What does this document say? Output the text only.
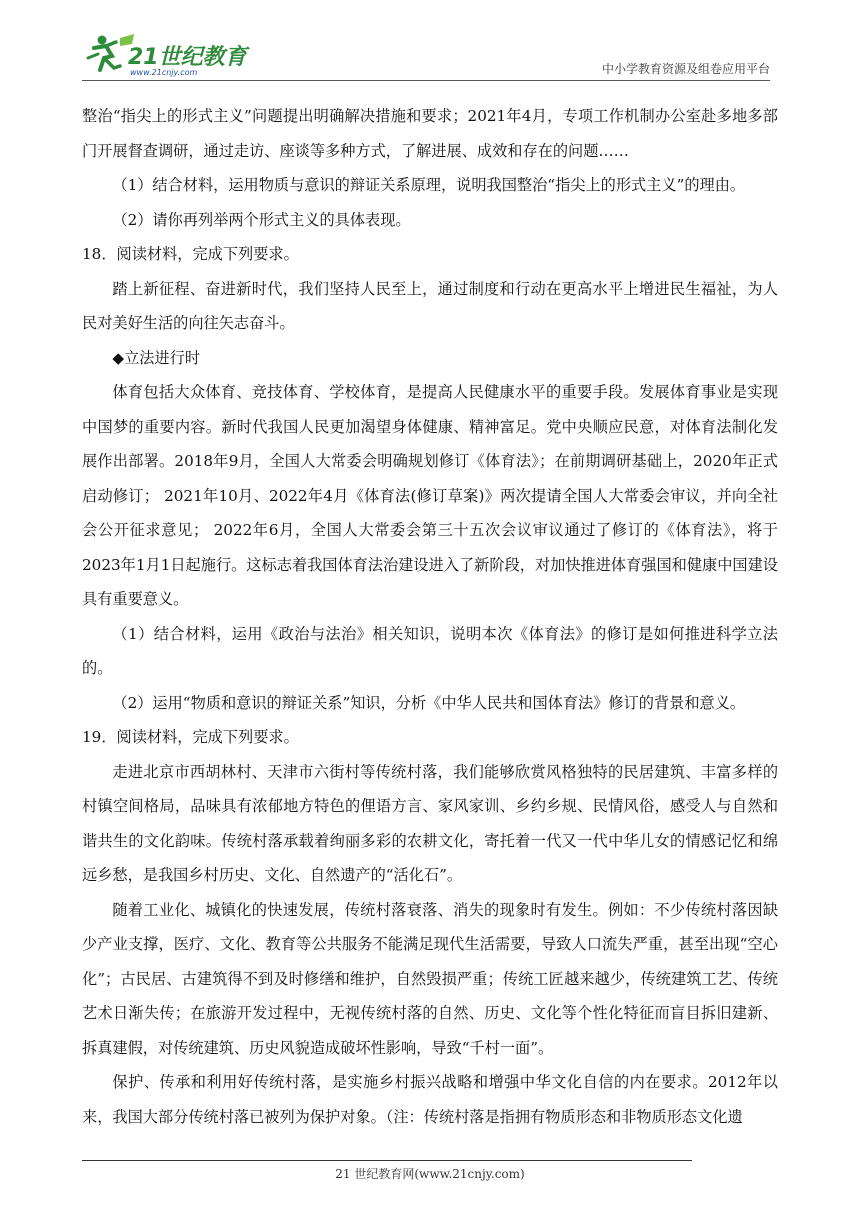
21世纪教育
www.21cnjy.com	中小学教育资源及组卷应用平台

整治“指尖上的形式主义”问题提出明确解决措施和要求；2021年4月，专项工作机制办公室赴多地多部门开展督查调研，通过走访、座谈等多种方式，了解进展、成效和存在的问题……

（1）结合材料，运用物质与意识的辩证关系原理，说明我国整治“指尖上的形式主义”的理由。

（2）请你再列举两个形式主义的具体表现。

18．阅读材料，完成下列要求。

踏上新征程、奋进新时代，我们坚持人民至上，通过制度和行动在更高水平上增进民生福祉，为人民对美好生活的向往矢志奋斗。

◆立法进行时

体育包括大众体育、竞技体育、学校体育，是提高人民健康水平的重要手段。发展体育事业是实现中国梦的重要内容。新时代我国人民更加渴望身体健康、精神富足。党中央顺应民意，对体育法制化发展作出部署。2018年9月，全国人大常委会明确规划修订《体育法》；在前期调研基础上，2020年正式启动修订； 2021年10月、2022年4月《体育法(修订草案)》两次提请全国人大常委会审议，并向全社会公开征求意见； 2022年6月，全国人大常委会第三十五次会议审议通过了修订的《体育法》，将于2023年1月1日起施行。这标志着我国体育法治建设进入了新阶段，对加快推进体育强国和健康中国建设具有重要意义。

（1）结合材料，运用《政治与法治》相关知识，说明本次《体育法》的修订是如何推进科学立法的。

（2）运用“物质和意识的辩证关系”知识，分析《中华人民共和国体育法》修订的背景和意义。

19．阅读材料，完成下列要求。

走进北京市西胡林村、天津市六街村等传统村落，我们能够欣赏风格独特的民居建筑、丰富多样的村镇空间格局，品味具有浓郁地方特色的俚语方言、家风家训、乡约乡规、民情风俗，感受人与自然和谐共生的文化韵味。传统村落承载着绚丽多彩的农耕文化，寄托着一代又一代中华儿女的情感记忆和绵远乡愁，是我国乡村历史、文化、自然遗产的“活化石”。

随着工业化、城镇化的快速发展，传统村落衰落、消失的现象时有发生。例如：不少传统村落因缺少产业支撑，医疗、文化、教育等公共服务不能满足现代生活需要，导致人口流失严重，甚至出现“空心化”；古民居、古建筑得不到及时修缮和维护，自然毁损严重；传统工匠越来越少，传统建筑工艺、传统艺术日渐失传；在旅游开发过程中，无视传统村落的自然、历史、文化等个性化特征而盲目拆旧建新、拆真建假，对传统建筑、历史风貌造成破坏性影响，导致“千村一面”。

保护、传承和利用好传统村落，是实施乡村振兴战略和增强中华文化自信的内在要求。2012年以来，我国大部分传统村落已被列为保护对象。（注：传统村落是指拥有物质形态和非物质形态文化遗

21 世纪教育网(www.21cnjy.com)
